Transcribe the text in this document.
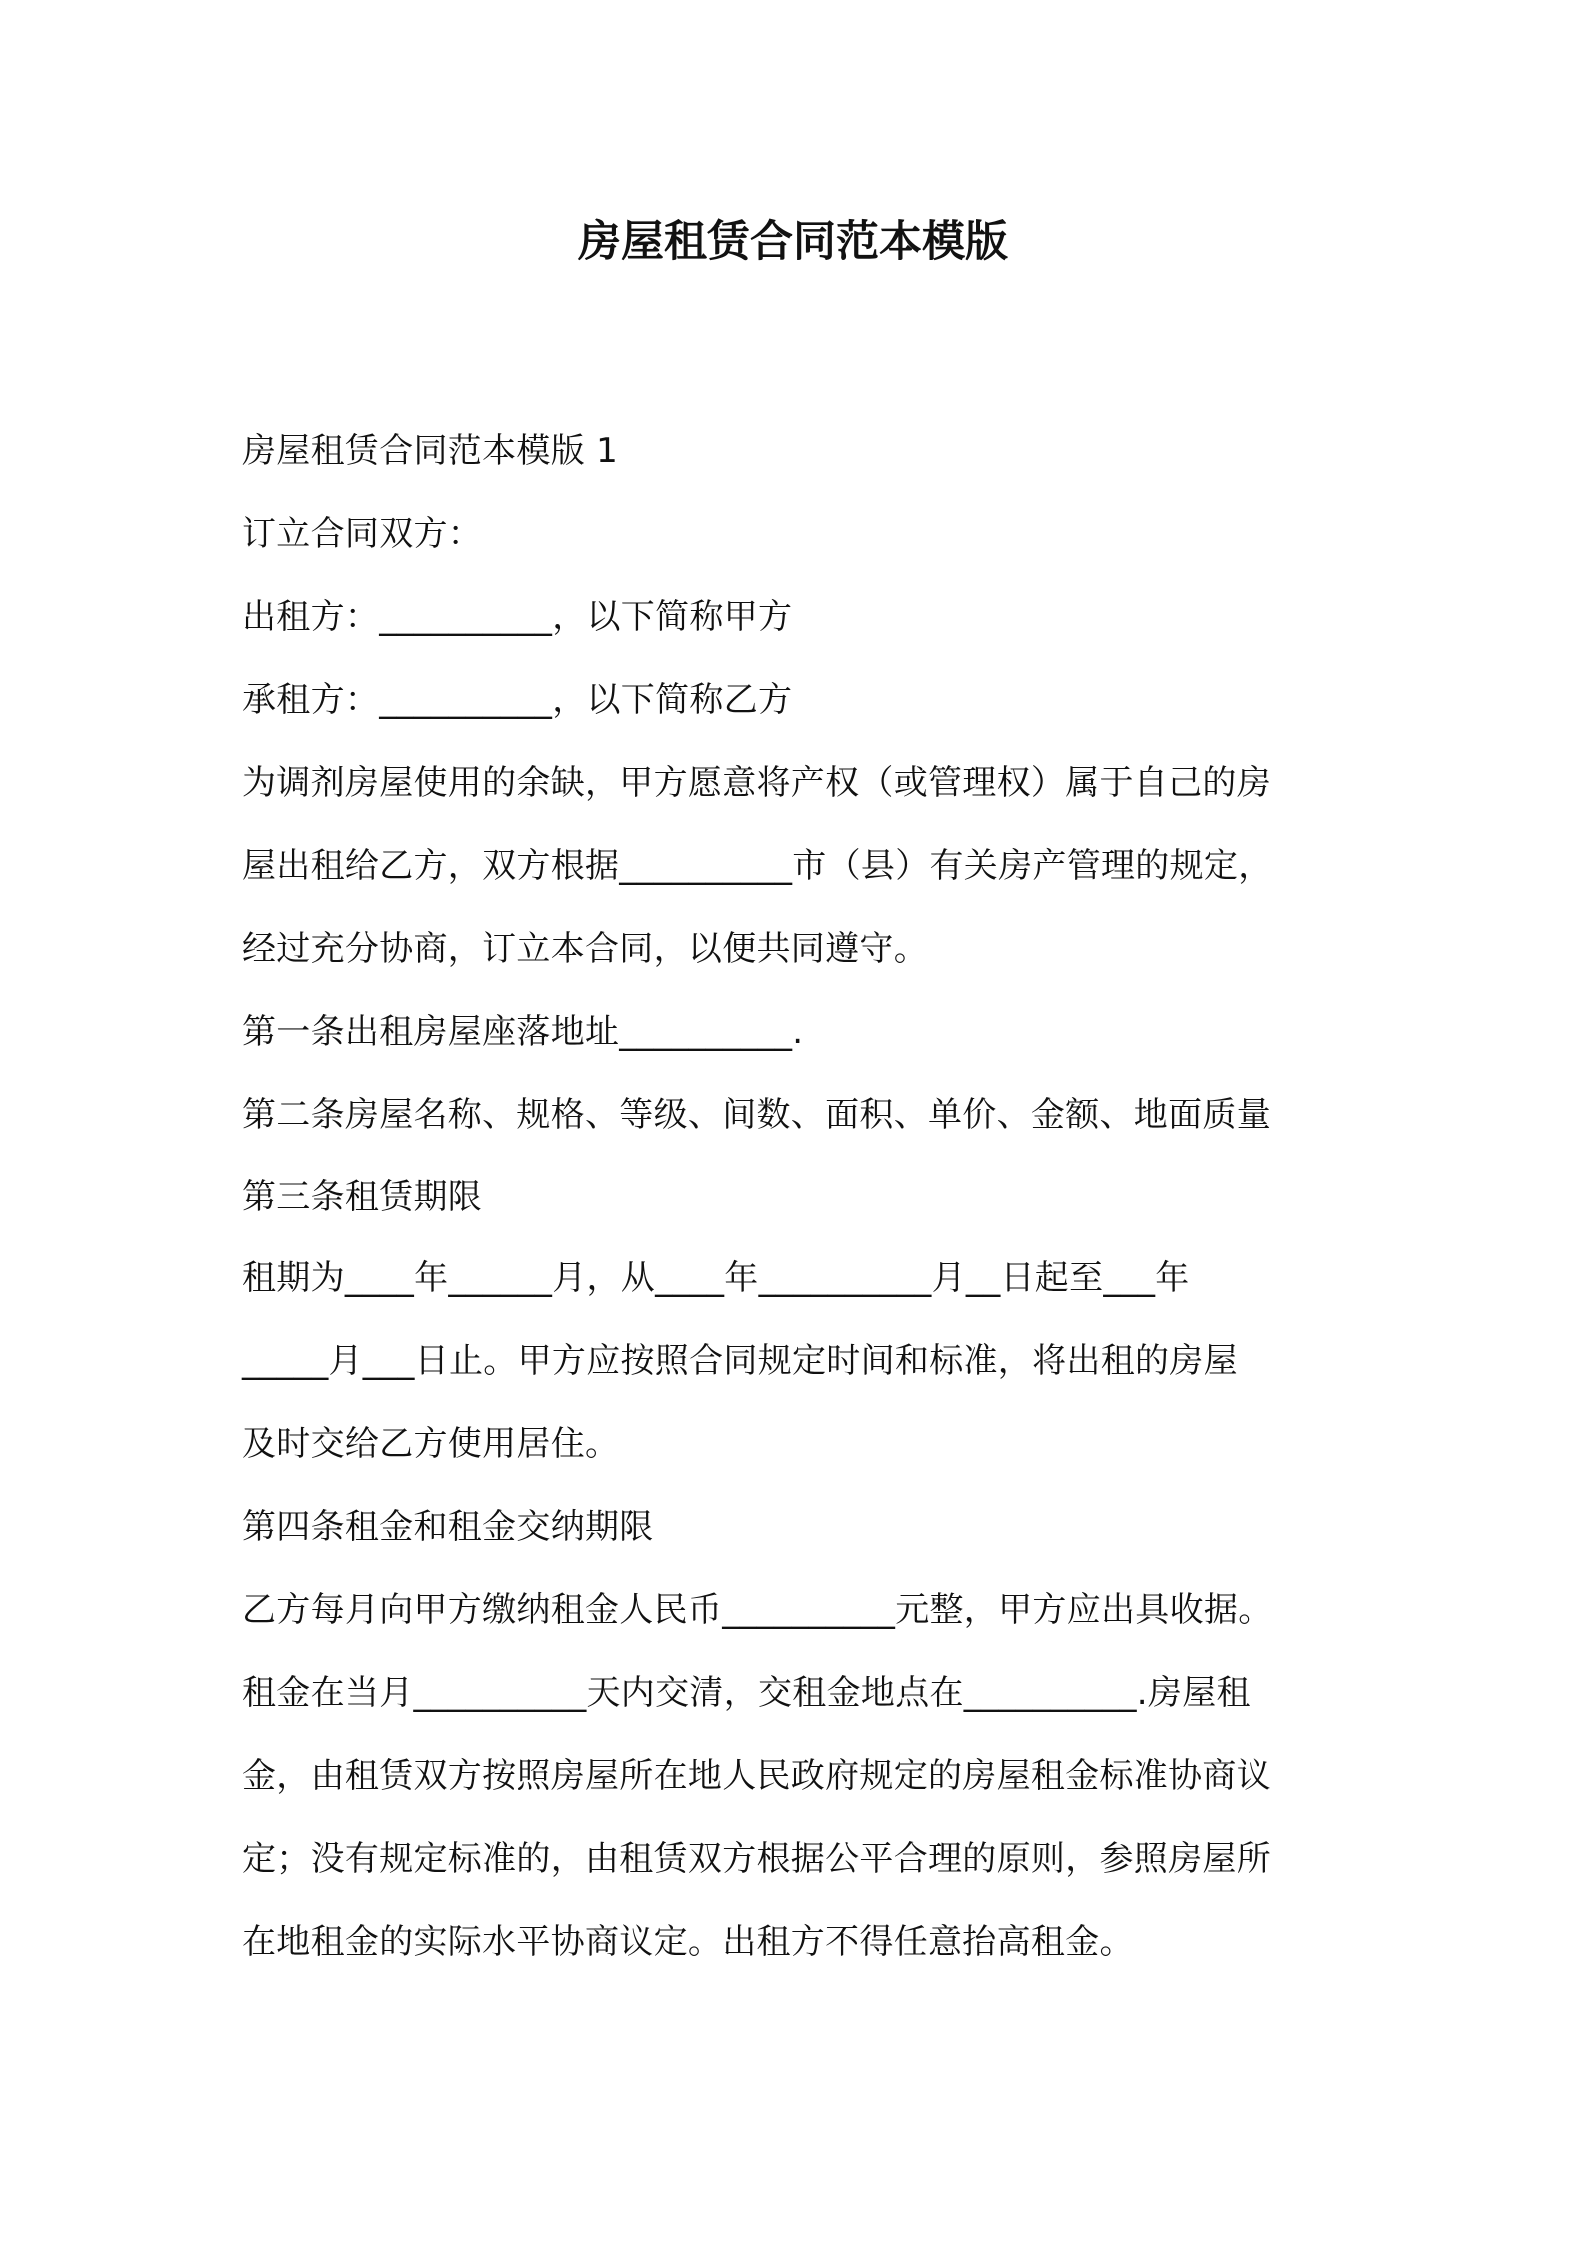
房屋租赁合同范本模版

房屋租赁合同范本模版 1

订立合同双方：

出租方：__________，以下简称甲方

承租方：__________，以下简称乙方

为调剂房屋使用的余缺，甲方愿意将产权（或管理权）属于自己的房

屋出租给乙方，双方根据__________市（县）有关房产管理的规定，

经过充分协商，订立本合同，以便共同遵守。

第一条出租房屋座落地址__________.

第二条房屋名称、规格、等级、间数、面积、单价、金额、地面质量

第三条租赁期限

租期为____年______月，从____年__________月__日起至___年

_____月___日止。甲方应按照合同规定时间和标准，将出租的房屋

及时交给乙方使用居住。

第四条租金和租金交纳期限

乙方每月向甲方缴纳租金人民币__________元整，甲方应出具收据。

租金在当月__________天内交清，交租金地点在__________.房屋租

金，由租赁双方按照房屋所在地人民政府规定的房屋租金标准协商议

定；没有规定标准的，由租赁双方根据公平合理的原则，参照房屋所

在地租金的实际水平协商议定。出租方不得任意抬高租金。
